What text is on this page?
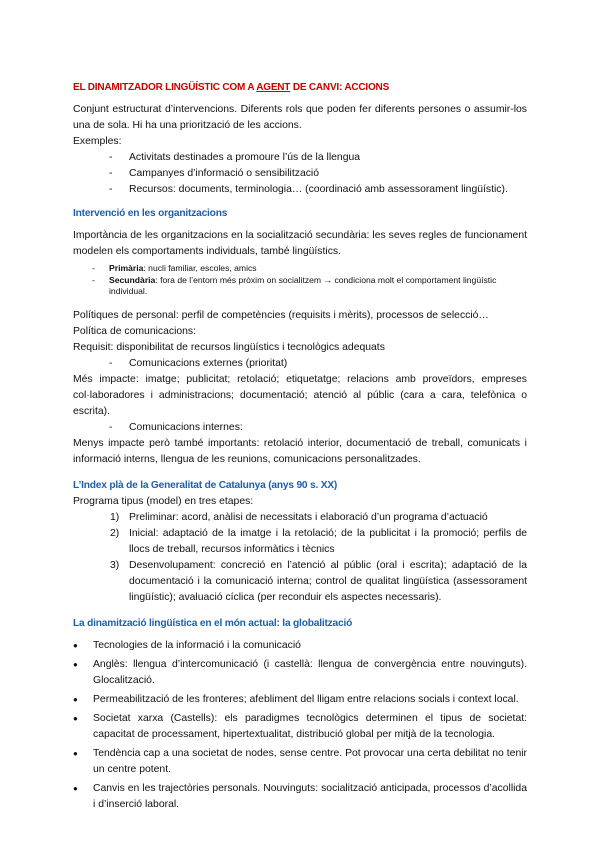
EL DINAMITZADOR LINGÜÍSTIC COM A AGENT DE CANVI: ACCIONS

Conjunt estructurat d’intervencions. Diferents rols que poden fer diferents persones o assumir-los una de sola. Hi ha una priorització de les accions.

Exemples:

- Activitats destinades a promoure l’ús de la llengua
- Campanyes d’informació o sensibilització
- Recursos: documents, terminologia… (coordinació amb assessorament lingüístic).
Intervenció en les organitzacions

Importància de les organitzacions en la socialització secundària: les seves regles de funcionament modelen els comportaments individuals, també lingüístics.

- Primària: nucli familiar, escoles, amics
- Secundària: fora de l’entorn més pròxim on socialitzem → condiciona molt el comportament lingüístic individual.

Polítiques de personal: perfil de competències (requisits i mèrits), processos de selecció…

Política de comunicacions:

Requisit: disponibilitat de recursos lingüístics i tecnològics adequats

- Comunicacions externes (prioritat)

Més impacte: imatge; publicitat; retolació; etiquetatge; relacions amb proveïdors, empreses col·laboradores i administracions; documentació; atenció al públic (cara a cara, telefònica o escrita).

- Comunicacions internes:

Menys impacte però també importants: retolació interior, documentació de treball, comunicats i informació interns, llengua de les reunions, comunicacions personalitzades.

L’Index plà de la Generalitat de Catalunya (anys 90 s. XX)

Programa tipus (model) en tres etapes:

1) Preliminar: acord, anàlisi de necessitats i elaboració d’un programa d’actuació
2) Inicial: adaptació de la imatge i la retolació; de la publicitat i la promoció; perfils de llocs de treball, recursos informàtics i tècnics
3) Desenvolupament: concreció en l’atenció al públic (oral i escrita); adaptació de la documentació i la comunicació interna; control de qualitat lingüística (assessorament lingüístic); avaluació cíclica (per reconduir els aspectes necessaris).
La dinamització lingüística en el món actual: la globalització
● Tecnologies de la informació i la comunicació
● Anglès: llengua d’intercomunicació (i castellà: llengua de convergència entre nouvinguts). Glocalització.
● Permeabilització de les fronteres; afebliment del lligam entre relacions socials i context local.
● Societat xarxa (Castells): els paradigmes tecnològics determinen el tipus de societat: capacitat de processament, hipertextualitat, distribució global per mitjà de la tecnologia.
● Tendència cap a una societat de nodes, sense centre. Pot provocar una certa debilitat no tenir un centre potent.
● Canvis en les trajectòries personals. Nouvinguts: socialització anticipada, processos d’acollida i d’inserció laboral.
